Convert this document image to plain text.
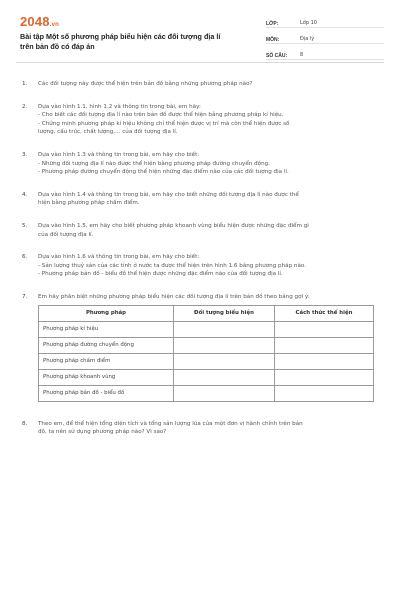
2048.vn
Bài tập Một số phương pháp biểu hiện các đối tượng địa lí
trên bản đồ có đáp án
LỚP:	Lớp 10
MÔN:	Địa lý
SỐ CÂU:	8
1.	Các đối tượng này được thể hiện trên bản đồ bằng những phương pháp nào?
2.	Dựa vào hình 1.1, hình 1.2 và thông tin trong bài, em hãy:
- Cho biết các đối tượng địa lí nào trên bản đồ được thể hiện bằng phương pháp kí hiệu.
- Chứng minh phương pháp kí hiệu không chỉ thể hiện được vị trí mà còn thể hiện được số
lượng, cấu trúc, chất lượng,... của đối tượng địa lí.
3.	Dựa vào hình 1.3 và thông tin trong bài, em hãy cho biết:
- Những đối tượng địa lí nào được thể hiện bằng phương pháp đường chuyển động.
- Phương pháp đường chuyển động thể hiện những đặc điểm nào của các đối tượng địa lí.
4.	Dựa vào hình 1.4 và thông tin trong bài, em hãy cho biết những đối tượng địa lí nào được thể
hiện bằng phương pháp chấm điểm.
5.	Dựa vào hình 1.5, em hãy cho biết phương pháp khoanh vùng biểu hiện được những đặc điểm gì
của đối tượng địa lí.
6.	Dựa vào hình 1.6 và thông tin trong bài, em hãy cho biết:
- Sản lượng thuỷ sản của các tỉnh ở nước ta được thể hiện trên hình 1.6 bằng phương pháp nào.
- Phương pháp bản đồ - biểu đồ thể hiện được những đặc điểm nào của đối tượng địa lí.
7.	Em hãy phân biệt những phương pháp biểu hiện các đối tượng địa lí trên bản đồ theo bảng gợi ý:
Phương pháp	Đối tượng biểu hiện	Cách thức thể hiện
Phương pháp kí hiệu		
Phương pháp đường chuyển động		
Phương pháp chấm điểm		
Phương pháp khoanh vùng		
Phương pháp bản đồ - biểu đồ		
8.	Theo em, để thể hiện tổng diện tích và tổng sản lượng lúa của một đơn vị hành chính trên bản
đồ, ta nên sử dụng phương pháp nào? Vì sao?
